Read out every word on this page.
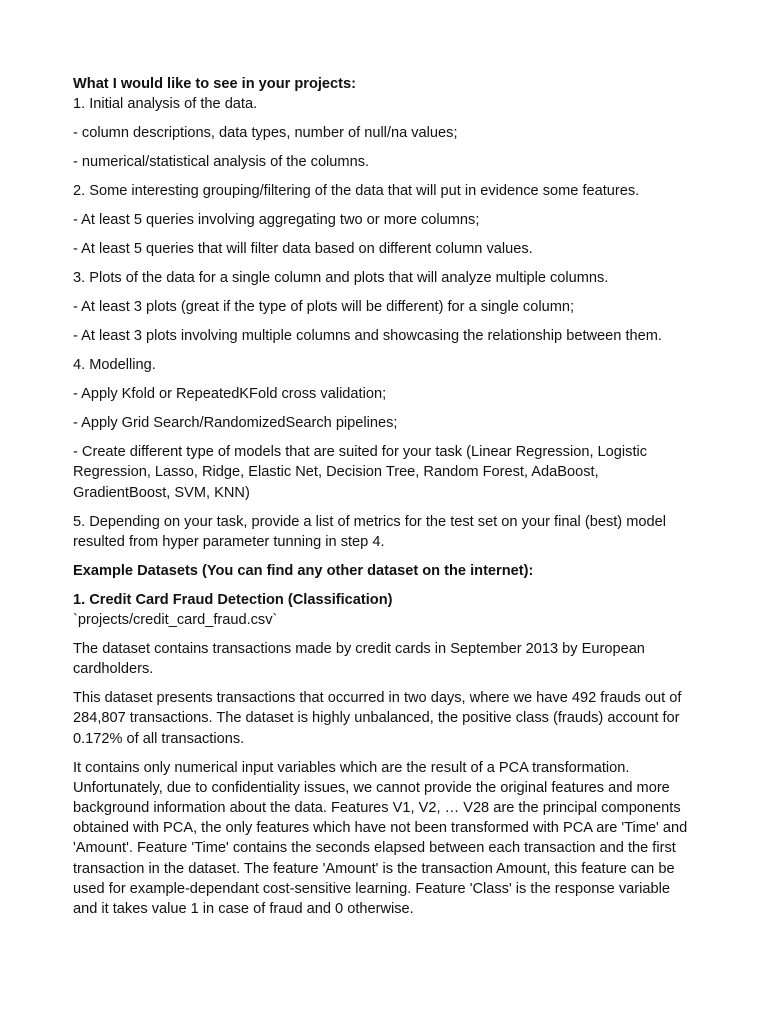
What I would like to see in your projects:

1. Initial analysis of the data.

- column descriptions, data types, number of null/na values;

- numerical/statistical analysis of the columns.

2. Some interesting grouping/filtering of the data that will put in evidence some features.

- At least 5 queries involving aggregating two or more columns;

- At least 5 queries that will filter data based on different column values.

3. Plots of the data for a single column and plots that will analyze multiple columns.

- At least 3 plots (great if the type of plots will be different) for a single column;

- At least 3 plots involving multiple columns and showcasing the relationship between them.

4. Modelling.

- Apply Kfold or RepeatedKFold cross validation;

- Apply Grid Search/RandomizedSearch pipelines;

- Create different type of models that are suited for your task (Linear Regression, Logistic Regression, Lasso, Ridge, Elastic Net, Decision Tree, Random Forest, AdaBoost, GradientBoost, SVM, KNN)

5. Depending on your task, provide a list of metrics for the test set on your final (best) model resulted from hyper parameter tunning in step 4.

Example Datasets (You can find any other dataset on the internet):

1. Credit Card Fraud Detection (Classification)

`projects/credit_card_fraud.csv`

The dataset contains transactions made by credit cards in September 2013 by European cardholders.

This dataset presents transactions that occurred in two days, where we have 492 frauds out of 284,807 transactions. The dataset is highly unbalanced, the positive class (frauds) account for 0.172% of all transactions.

It contains only numerical input variables which are the result of a PCA transformation. Unfortunately, due to confidentiality issues, we cannot provide the original features and more background information about the data. Features V1, V2, … V28 are the principal components obtained with PCA, the only features which have not been transformed with PCA are 'Time' and 'Amount'. Feature 'Time' contains the seconds elapsed between each transaction and the first transaction in the dataset. The feature 'Amount' is the transaction Amount, this feature can be used for example-dependant cost-sensitive learning. Feature 'Class' is the response variable and it takes value 1 in case of fraud and 0 otherwise.
